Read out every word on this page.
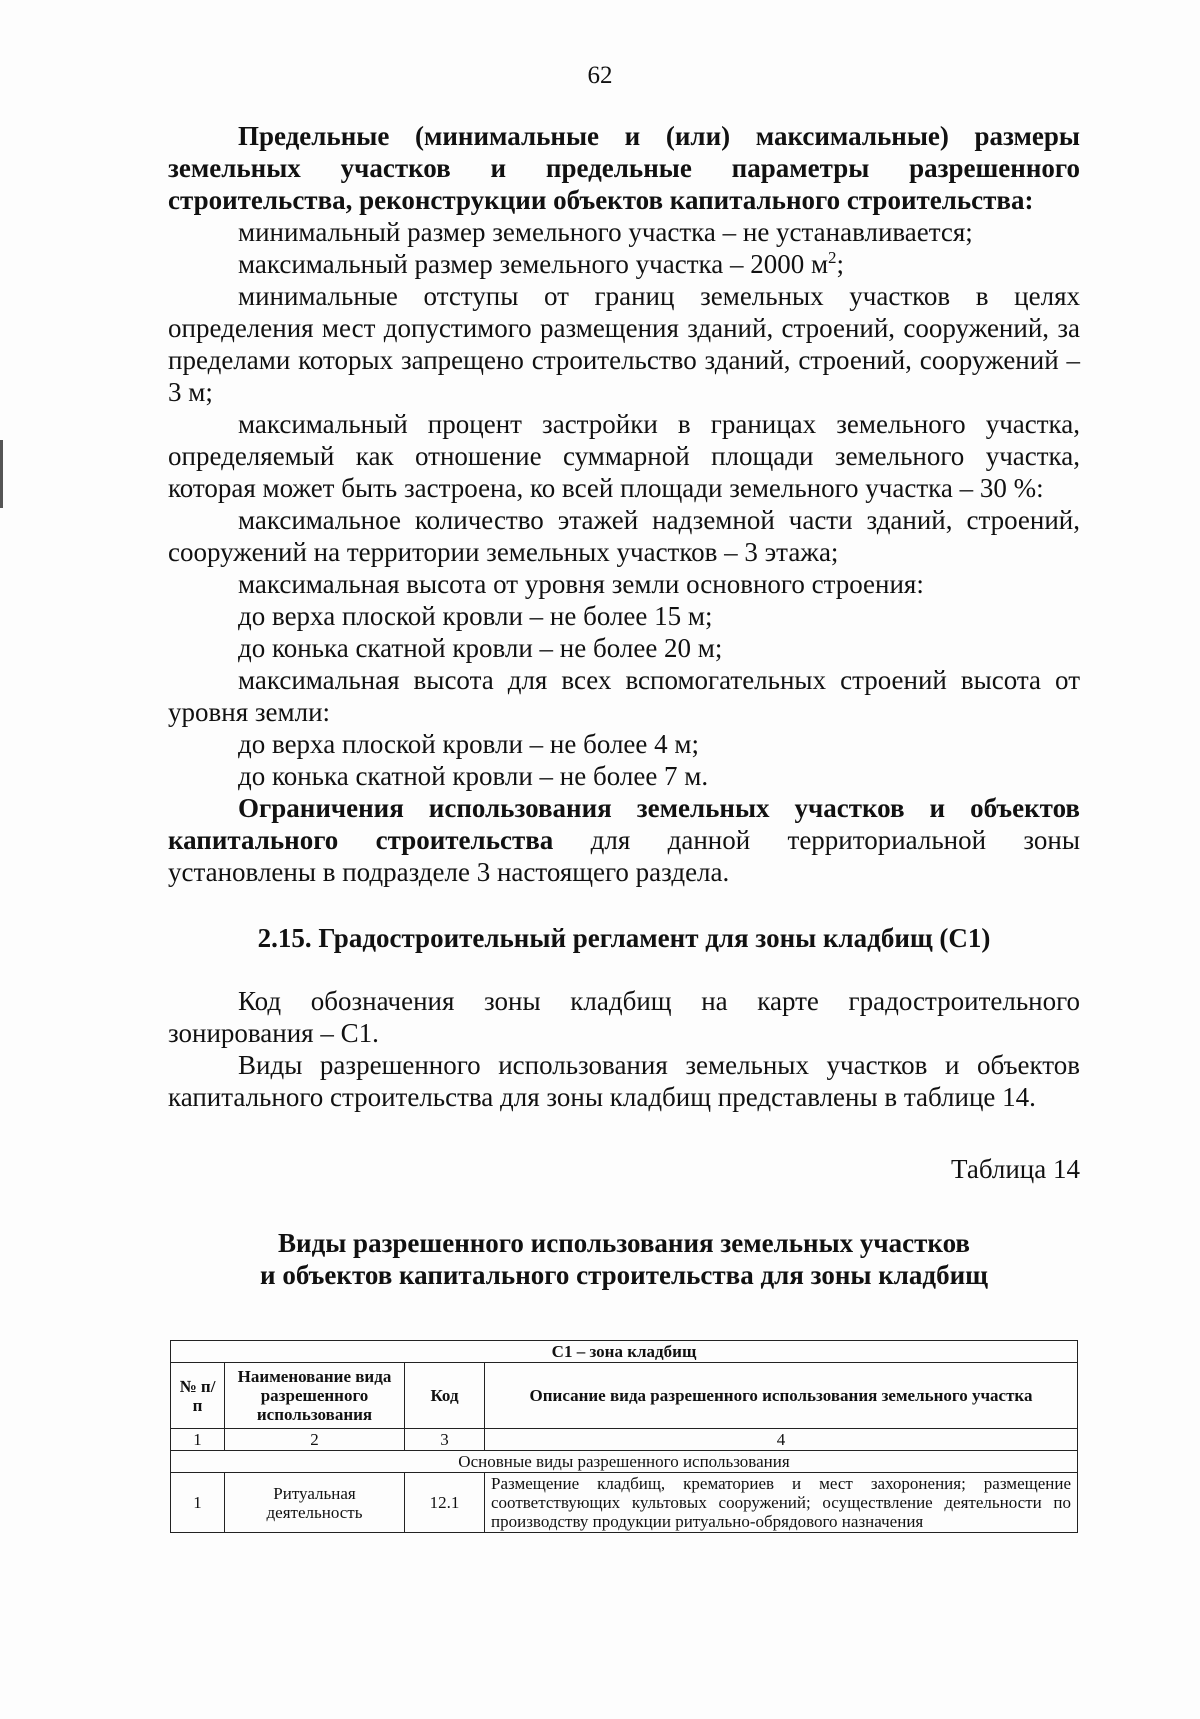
62

Предельные (минимальные и (или) максимальные) размеры земельных участков и предельные параметры разрешенного строительства, реконструкции объектов капитального строительства:

минимальный размер земельного участка – не устанавливается;

максимальный размер земельного участка – 2000 $м^2$;

минимальные отступы от границ земельных участков в целях определения мест допустимого размещения зданий, строений, сооружений, за пределами которых запрещено строительство зданий, строений, сооружений – 3 м;

максимальный процент застройки в границах земельного участка, определяемый как отношение суммарной площади земельного участка, которая может быть застроена, ко всей площади земельного участка – 30 %:

максимальное количество этажей надземной части зданий, строений, сооружений на территории земельных участков – 3 этажа;

максимальная высота от уровня земли основного строения:

до верха плоской кровли – не более 15 м;

до конька скатной кровли – не более 20 м;

максимальная высота для всех вспомогательных строений высота от уровня земли:

до верха плоской кровли – не более 4 м;

до конька скатной кровли – не более 7 м.

Ограничения использования земельных участков и объектов капитального строительства для данной территориальной зоны установлены в подразделе 3 настоящего раздела.

2.15. Градостроительный регламент для зоны кладбищ (С1)

Код обозначения зоны кладбищ на карте градостроительного зонирования – С1.

Виды разрешенного использования земельных участков и объектов капитального строительства для зоны кладбищ представлены в таблице 14.

Таблица 14

Виды разрешенного использования земельных участков
и объектов капитального строительства для зоны кладбищ

С1 – зона кладбищ			
№ п/п	Наименование вида разрешенного использования	Код	Описание вида разрешенного использования земельного участка
1	2	3	4
Основные виды разрешенного использования			
1	Ритуальная деятельность	12.1	Размещение кладбищ, крематориев и мест захоронения; размещение соответствующих культовых сооружений; осуществление деятельности по производству продукции ритуально-обрядового назначения
